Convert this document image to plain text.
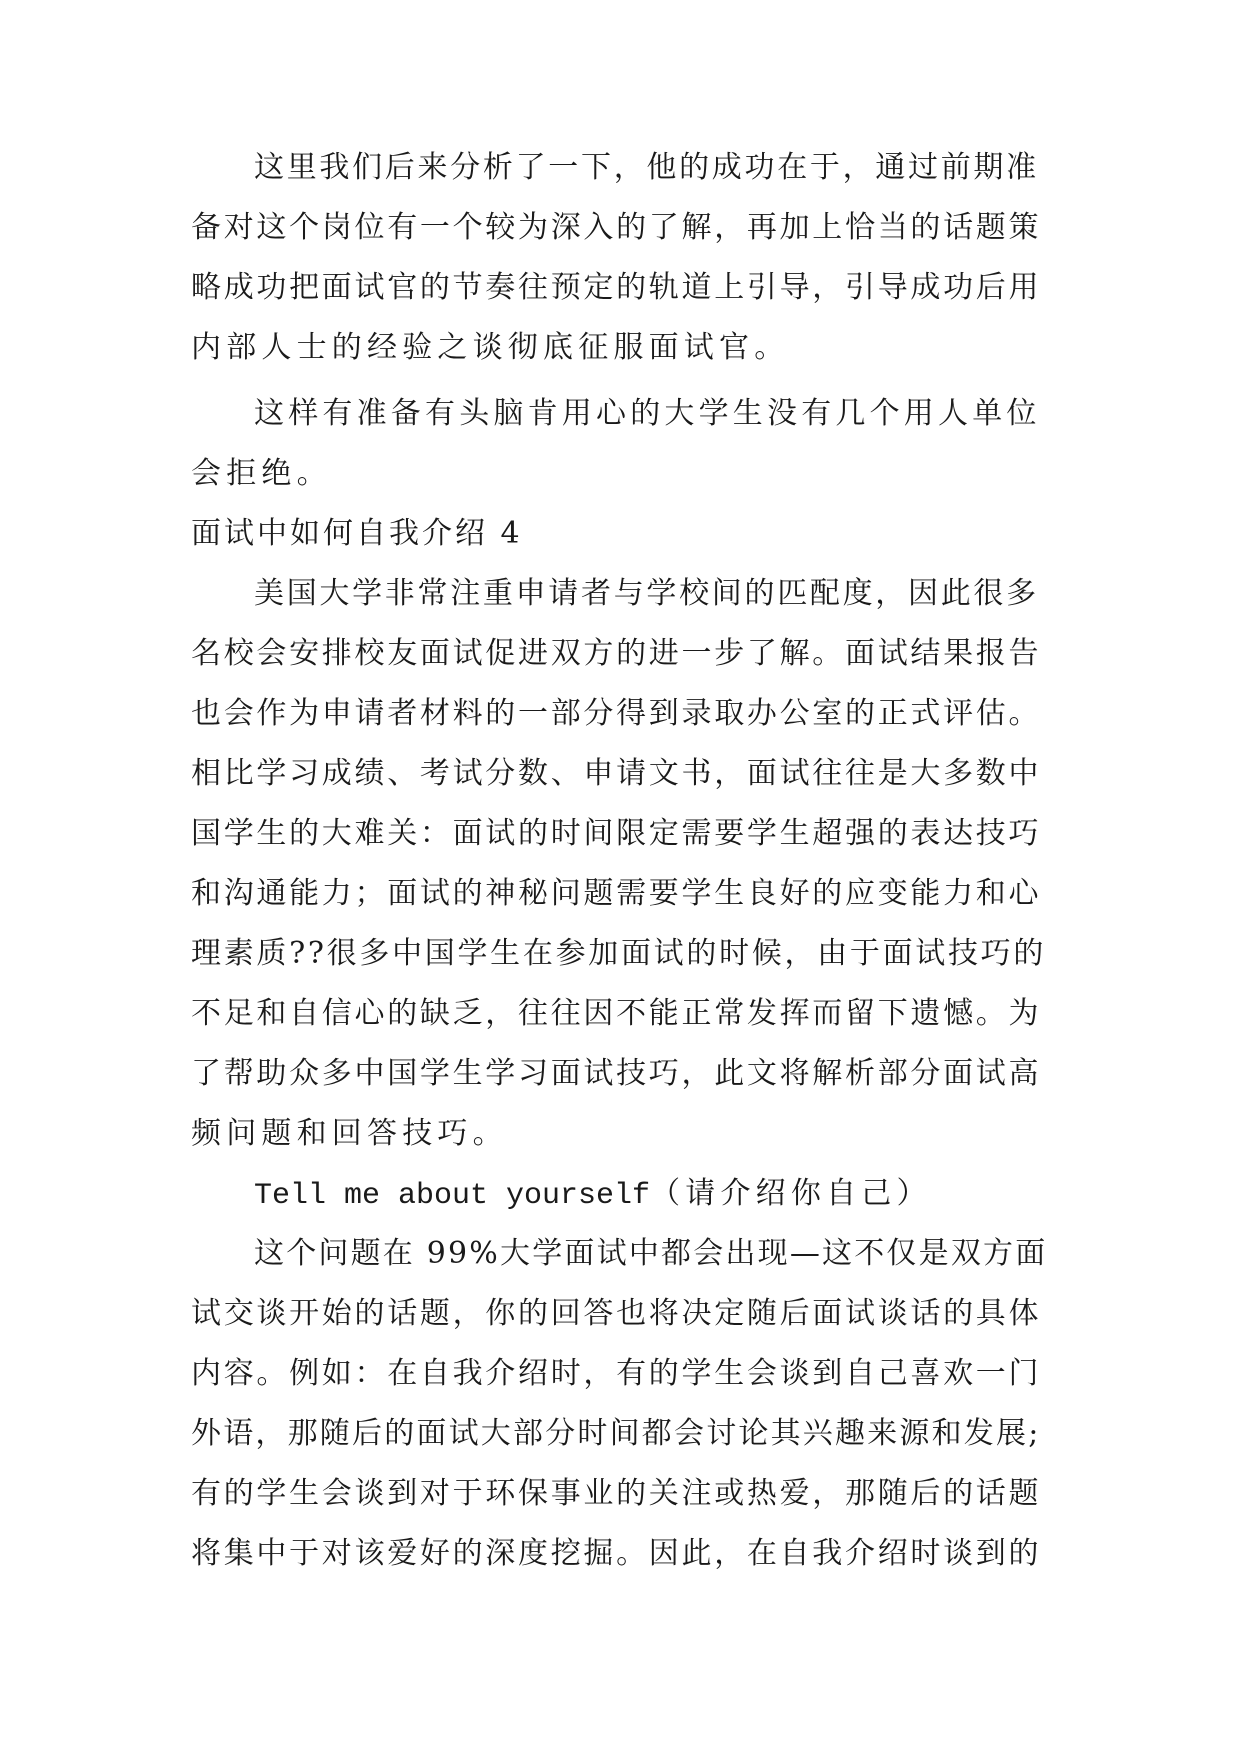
这里我们后来分析了一下，他的成功在于，通过前期准

备对这个岗位有一个较为深入的了解，再加上恰当的话题策

略成功把面试官的节奏往预定的轨道上引导，引导成功后用

内部人士的经验之谈彻底征服面试官。

这样有准备有头脑肯用心的大学生没有几个用人单位

会拒绝。

面试中如何自我介绍 4

美国大学非常注重申请者与学校间的匹配度，因此很多

名校会安排校友面试促进双方的进一步了解。面试结果报告

也会作为申请者材料的一部分得到录取办公室的正式评估。

相比学习成绩、考试分数、申请文书，面试往往是大多数中

国学生的大难关：面试的时间限定需要学生超强的表达技巧

和沟通能力；面试的神秘问题需要学生良好的应变能力和心

理素质??很多中国学生在参加面试的时候，由于面试技巧的

不足和自信心的缺乏，往往因不能正常发挥而留下遗憾。为

了帮助众多中国学生学习面试技巧，此文将解析部分面试高

频问题和回答技巧。

Tell me about yourself（请介绍你自己）

这个问题在 99%大学面试中都会出现—这不仅是双方面

试交谈开始的话题，你的回答也将决定随后面试谈话的具体

内容。例如：在自我介绍时，有的学生会谈到自己喜欢一门

外语，那随后的面试大部分时间都会讨论其兴趣来源和发展;

有的学生会谈到对于环保事业的关注或热爱，那随后的话题

将集中于对该爱好的深度挖掘。因此，在自我介绍时谈到的
